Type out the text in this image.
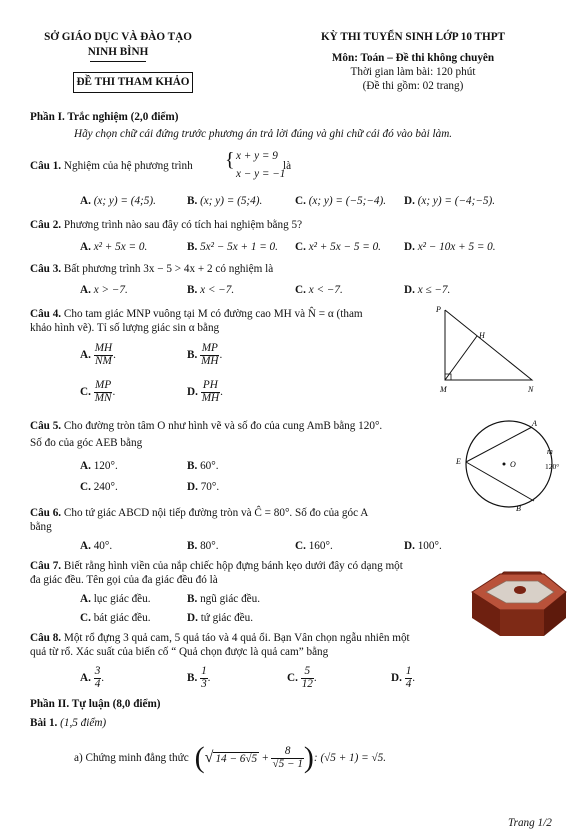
SỞ GIÁO DỤC VÀ ĐÀO TẠO
NINH BÌNH
ĐỀ THI THAM KHẢO
KỲ THI TUYỂN SINH LỚP 10 THPT
Môn: Toán – Đề thi không chuyên
Thời gian làm bài: 120 phút
(Đề thi gồm: 02 trang)
Phần I. Trắc nghiệm (2,0 điểm)
Hãy chọn chữ cái đứng trước phương án trả lời đúng và ghi chữ cái đó vào bài làm.
Câu 1. Nghiệm của hệ phương trình { x + y = 9
x − y = −1
là
A. (x; y) = (4;5).	B. (x; y) = (5;4).	C. (x; y) = (−5;−4). D. (x; y) = (−4;−5).
Câu 2. Phương trình nào sau đây có tích hai nghiệm bằng 5?
A. x² + 5x = 0.	B. 5x² − 5x + 1 = 0. C. x² + 5x − 5 = 0. D. x² − 10x + 5 = 0.
Câu 3. Bất phương trình 3x − 5 > 4x + 2 có nghiệm là
A. x > −7.	B. x < −7.	C. x < −7.	D. x ≤ −7.
Câu 4. Cho tam giác MNP vuông tại M có đường cao MH và N̂ = α (tham
khảo hình vẽ). Tỉ số lượng giác sin α bằng
A. $\frac{MH}{NM}$ .	B. $\frac{MP}{MH}$ .
C. $\frac{MP}{MN}$ .	D. $\frac{PH}{MH}$ .
P
H
M	N
Câu 5. Cho đường tròn tâm O như hình vẽ và số đo của cung AmB bằng 120°.
Số đo của góc AEB bằng
A. 120°.	B. 60°.
C. 240°.	D. 70°.
A
B
E	O
m
120°
Câu 6. Cho tứ giác ABCD nội tiếp đường tròn và Ĉ = 80°. Số đo của góc A
bằng
A. 40°.	B. 80°.	C. 160°.	D. 100°.
Câu 7. Biết rằng hình viền của nắp chiếc hộp đựng bánh kẹo dưới đây có dạng một
đa giác đều. Tên gọi của đa giác đều đó là
A. lục giác đều.	B. ngũ giác đều.
C. bát giác đều.	D. tứ giác đều.
Câu 8. Một rổ đựng 3 quả cam, 5 quả táo và 4 quả ổi. Bạn Vân chọn ngẫu nhiên một
quả từ rổ. Xác suất của biến cố “ Quả chọn được là quả cam” bằng
A. $\frac{3}{4}$ .	B. $\frac{1}{3}$ .	C. $\frac{5}{12}$ .	D. $\frac{1}{4}$ .
Phần II. Tự luận (8,0 điểm)
Bài 1. (1,5 điểm)
a) Chứng minh đẳng thức ( √ $14 - 6√5 + \frac{8}{√5 - 1}$ ) : (√5 + 1) = √5.
Trang 1/2
